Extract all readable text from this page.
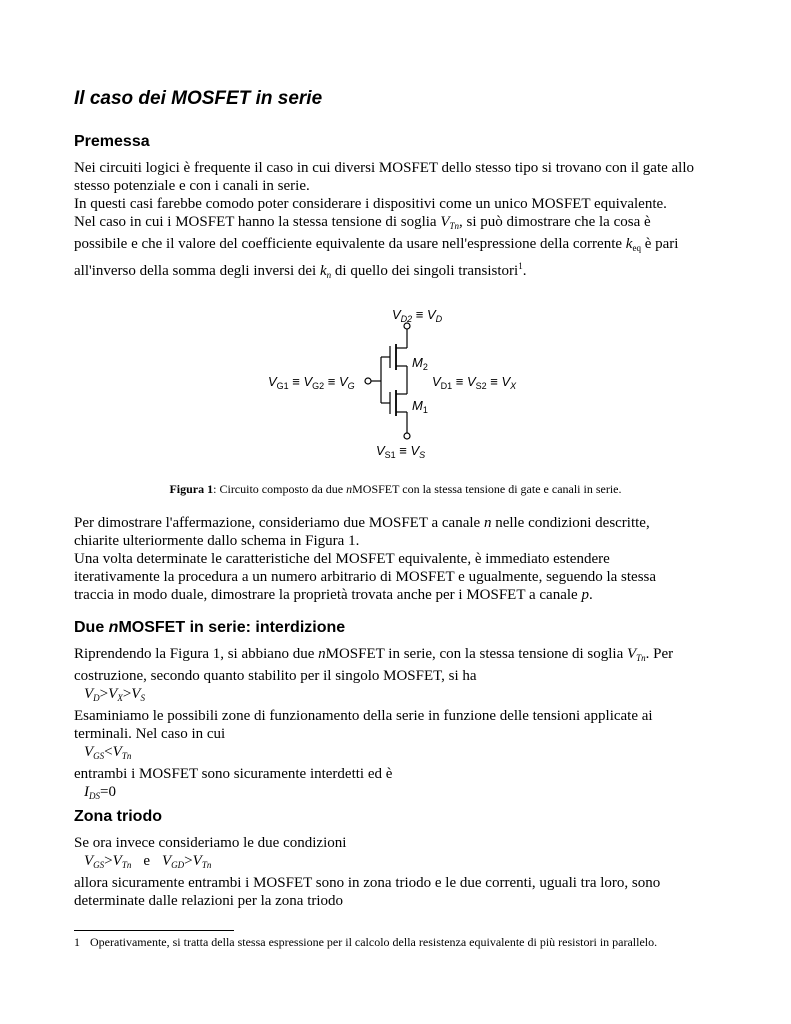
Il caso dei MOSFET in serie
Premessa
Nei circuiti logici è frequente il caso in cui diversi MOSFET dello stesso tipo si trovano con il gate allo
stesso potenziale e con i canali in serie.
In questi casi farebbe comodo poter considerare i dispositivi come un unico MOSFET equivalente.
Nel caso in cui i MOSFET hanno la stessa tensione di soglia $V_{Tn}$, si può dimostrare che la cosa è
possibile e che il valore del coefficiente equivalente da usare nell'espressione della corrente $k_{eq}$ è pari
all'inverso della somma degli inversi dei $k_n$ di quello dei singoli transistori$^1$.
$V_{D2} \equiv V_D$
$M_2$
$M_1$
$V_{G1} \equiv V_{G2} \equiv V_G$	$V_{D1} \equiv V_{S2} \equiv V_X$
$V_{S1} \equiv V_S$
Figura 1: Circuito composto da due nMOSFET con la stessa tensione di gate e canali in serie.
Per dimostrare l'affermazione, consideriamo due MOSFET a canale n nelle condizioni descritte,
chiarite ulteriormente dallo schema in Figura 1.
Una volta determinate le caratteristiche del MOSFET equivalente, è immediato estendere
iterativamente la procedura a un numero arbitrario di MOSFET e ugualmente, seguendo la stessa
traccia in modo duale, dimostrare la proprietà trovata anche per i MOSFET a canale p.
Due nMOSFET in serie: interdizione
Riprendendo la Figura 1, si abbiano due nMOSFET in serie, con la stessa tensione di soglia $V_{Tn}$. Per
costruzione, secondo quanto stabilito per il singolo MOSFET, si ha
$V_D>V_X>V_S$
Esaminiamo le possibili zone di funzionamento della serie in funzione delle tensioni applicate ai
terminali. Nel caso in cui
$V_{GS}<V_{Tn}$
entrambi i MOSFET sono sicuramente interdetti ed è
$I_{DS}=0$
Zona triodo
Se ora invece consideriamo le due condizioni
$V_{GS}>V_{Tn}$ e $V_{GD}>V_{Tn}$
allora sicuramente entrambi i MOSFET sono in zona triodo e le due correnti, uguali tra loro, sono
determinate dalle relazioni per la zona triodo
1 Operativamente, si tratta della stessa espressione per il calcolo della resistenza equivalente di più resistori in parallelo.
